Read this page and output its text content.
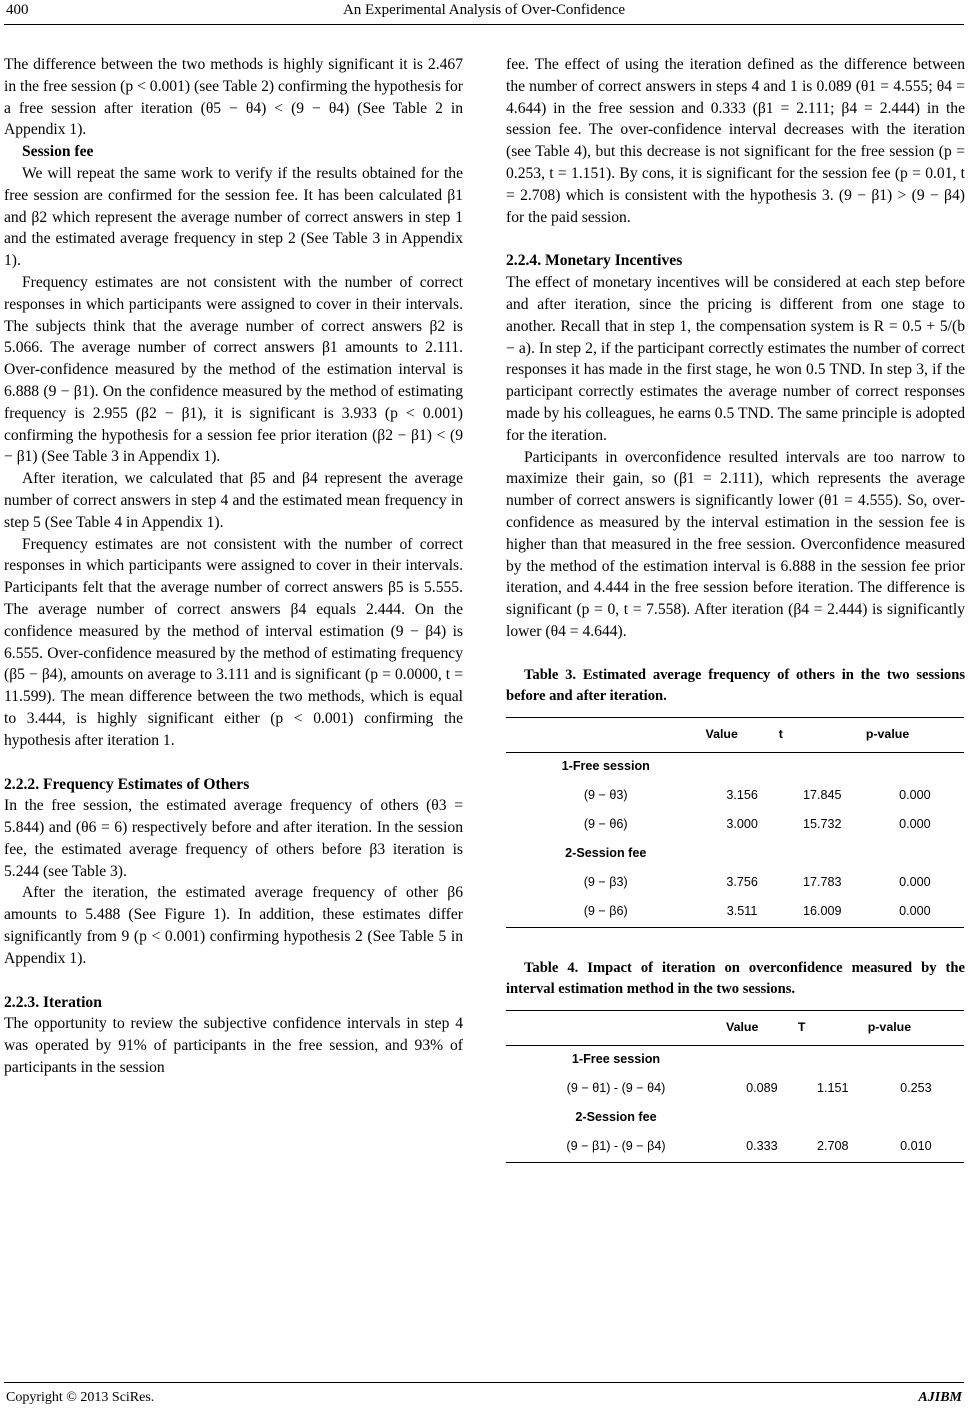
400	An Experimental Analysis of Over-Confidence

The difference between the two methods is highly significant it is 2.467 in the free session (p < 0.001) (see Table 2) confirming the hypothesis for a free session after iteration (θ5 − θ4) < (9 − θ4) (See Table 2 in Appendix 1).

Session fee

We will repeat the same work to verify if the results obtained for the free session are confirmed for the session fee. It has been calculated β1 and β2 which represent the average number of correct answers in step 1 and the estimated average frequency in step 2 (See Table 3 in Appendix 1).

Frequency estimates are not consistent with the number of correct responses in which participants were assigned to cover in their intervals. The subjects think that the average number of correct answers β2 is 5.066. The average number of correct answers β1 amounts to 2.111. Over-confidence measured by the method of the estimation interval is 6.888 (9 − β1). On the confidence measured by the method of estimating frequency is 2.955 (β2 − β1), it is significant is 3.933 (p < 0.001) confirming the hypothesis for a session fee prior iteration (β2 − β1) < (9 − β1) (See Table 3 in Appendix 1).

After iteration, we calculated that β5 and β4 represent the average number of correct answers in step 4 and the estimated mean frequency in step 5 (See Table 4 in Appendix 1).

Frequency estimates are not consistent with the number of correct responses in which participants were assigned to cover in their intervals. Participants felt that the average number of correct answers β5 is 5.555. The average number of correct answers β4 equals 2.444. On the confidence measured by the method of interval estimation (9 − β4) is 6.555. Over-confidence measured by the method of estimating frequency (β5 − β4), amounts on average to 3.111 and is significant (p = 0.0000, t = 11.599). The mean difference between the two methods, which is equal to 3.444, is highly significant either (p < 0.001) confirming the hypothesis after iteration 1.

2.2.2. Frequency Estimates of Others

In the free session, the estimated average frequency of others (θ3 = 5.844) and (θ6 = 6) respectively before and after iteration. In the session fee, the estimated average frequency of others before β3 iteration is 5.244 (see Table 3).

After the iteration, the estimated average frequency of other β6 amounts to 5.488 (See Figure 1). In addition, these estimates differ significantly from 9 (p < 0.001) confirming hypothesis 2 (See Table 5 in Appendix 1).

2.2.3. Iteration

The opportunity to review the subjective confidence intervals in step 4 was operated by 91% of participants in the free session, and 93% of participants in the session

fee. The effect of using the iteration defined as the difference between the number of correct answers in steps 4 and 1 is 0.089 (θ1 = 4.555; θ4 = 4.644) in the free session and 0.333 (β1 = 2.111; β4 = 2.444) in the session fee. The over-confidence interval decreases with the iteration (see Table 4), but this decrease is not significant for the free session (p = 0.253, t = 1.151). By cons, it is significant for the session fee (p = 0.01, t = 2.708) which is consistent with the hypothesis 3. (9 − β1) > (9 − β4) for the paid session.

2.2.4. Monetary Incentives

The effect of monetary incentives will be considered at each step before and after iteration, since the pricing is different from one stage to another. Recall that in step 1, the compensation system is R = 0.5 + 5/(b − a). In step 2, if the participant correctly estimates the number of correct responses it has made in the first stage, he won 0.5 TND. In step 3, if the participant correctly estimates the average number of correct responses made by his colleagues, he earns 0.5 TND. The same principle is adopted for the iteration.

Participants in overconfidence resulted intervals are too narrow to maximize their gain, so (β1 = 2.111), which represents the average number of correct answers is significantly lower (θ1 = 4.555). So, over-confidence as measured by the interval estimation in the session fee is higher than that measured in the free session. Overconfidence measured by the method of the estimation interval is 6.888 in the session fee prior iteration, and 4.444 in the free session before iteration. The difference is significant (p = 0, t = 7.558). After iteration (β4 = 2.444) is significantly lower (θ4 = 4.644).

Table 3. Estimated average frequency of others in the two sessions before and after iteration.

	Value	t	p-value
1-Free session			
(9 − θ3)	3.156	17.845	0.000
(9 − θ6)	3.000	15.732	0.000
2-Session fee			
(9 − β3)	3.756	17.783	0.000
(9 − β6)	3.511	16.009	0.000

Table 4. Impact of iteration on overconfidence measured by the interval estimation method in the two sessions.

	Value	T	p-value
1-Free session			
(9 − θ1) - (9 − θ4)	0.089	1.151	0.253
2-Session fee			
(9 − β1) - (9 − β4)	0.333	2.708	0.010
Copyright © 2013 SciRes.	AJIBM
